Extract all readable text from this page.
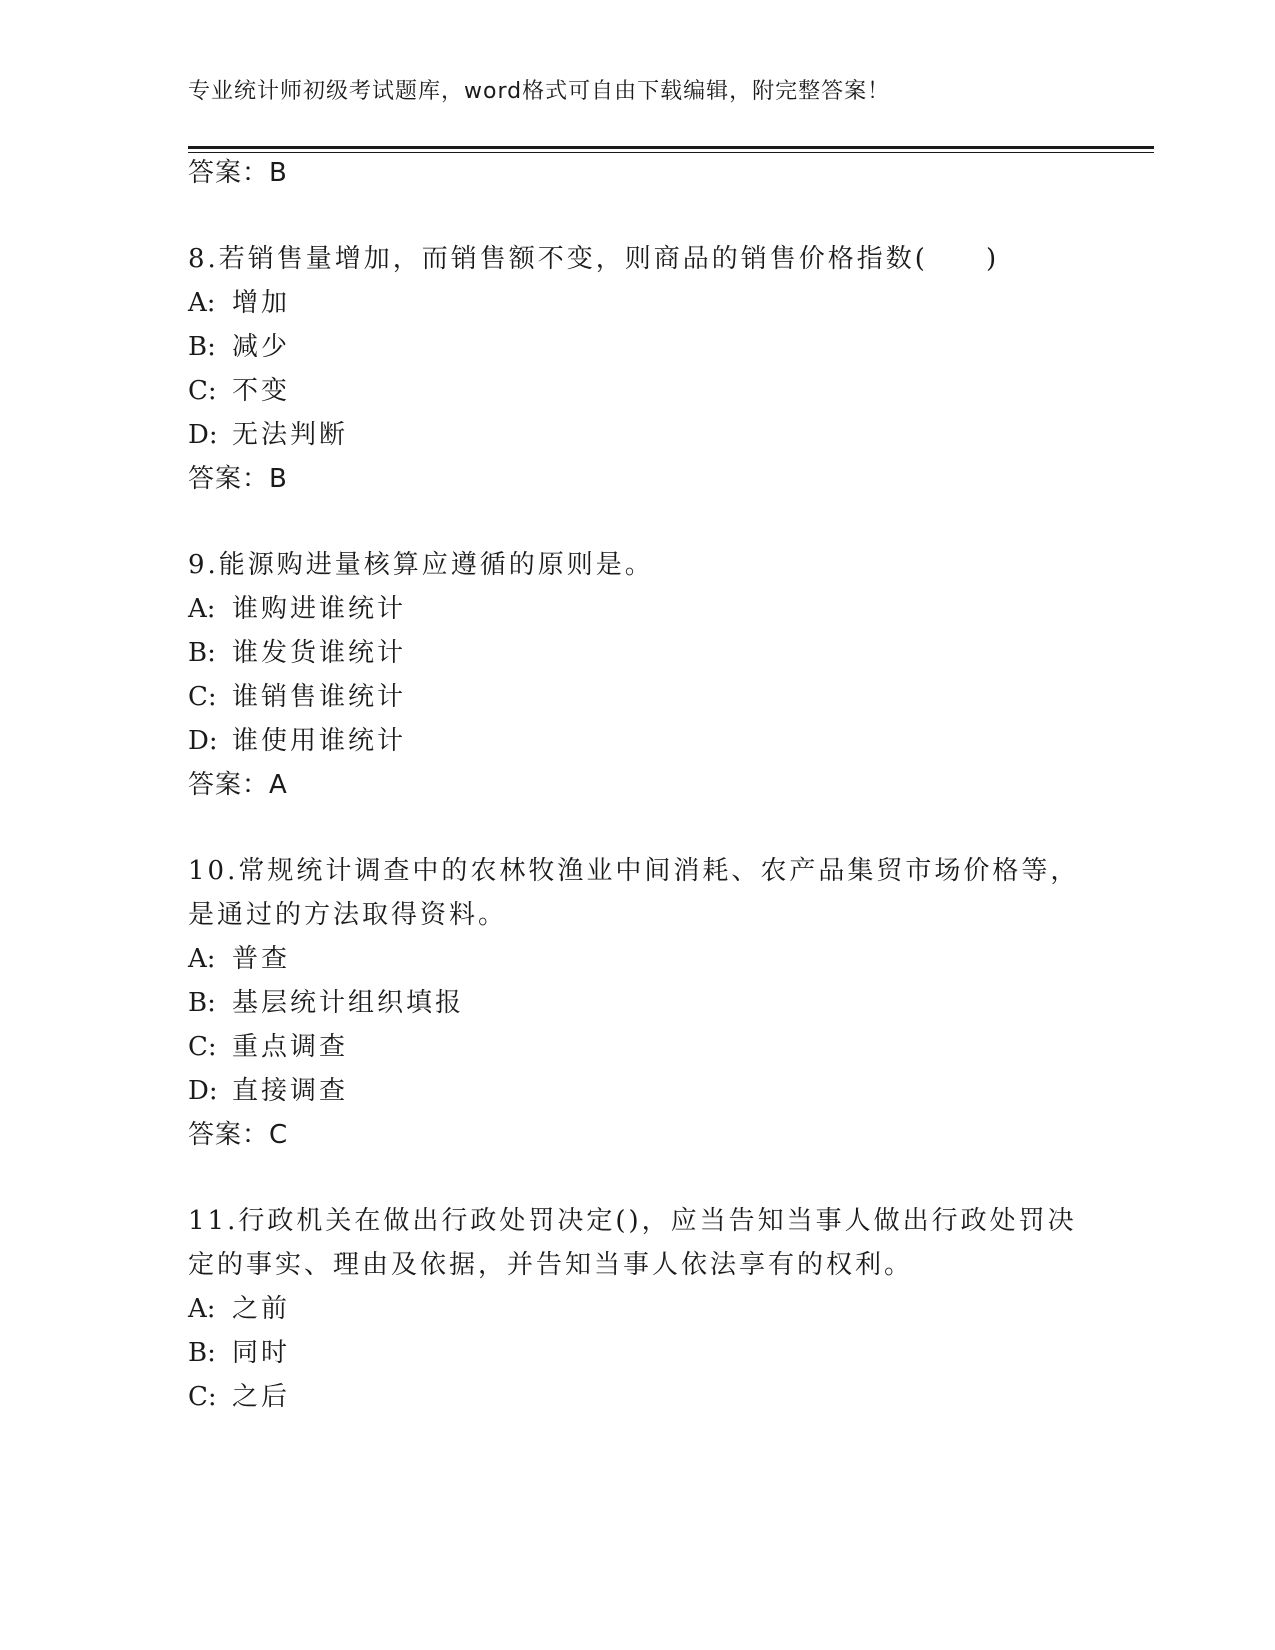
专业统计师初级考试题库，word格式可自由下载编辑，附完整答案！
答案：B
8.若销售量增加，而销售额不变，则商品的销售价格指数(　　)
A: 增加
B: 减少
C: 不变
D: 无法判断
答案：B
9.能源购进量核算应遵循的原则是。
A: 谁购进谁统计
B: 谁发货谁统计
C: 谁销售谁统计
D: 谁使用谁统计
答案：A
10.常规统计调查中的农林牧渔业中间消耗、农产品集贸市场价格等，
是通过的方法取得资料。
A: 普查
B: 基层统计组织填报
C: 重点调查
D: 直接调查
答案：C
11.行政机关在做出行政处罚决定()，应当告知当事人做出行政处罚决
定的事实、理由及依据，并告知当事人依法享有的权利。
A: 之前
B: 同时
C: 之后
